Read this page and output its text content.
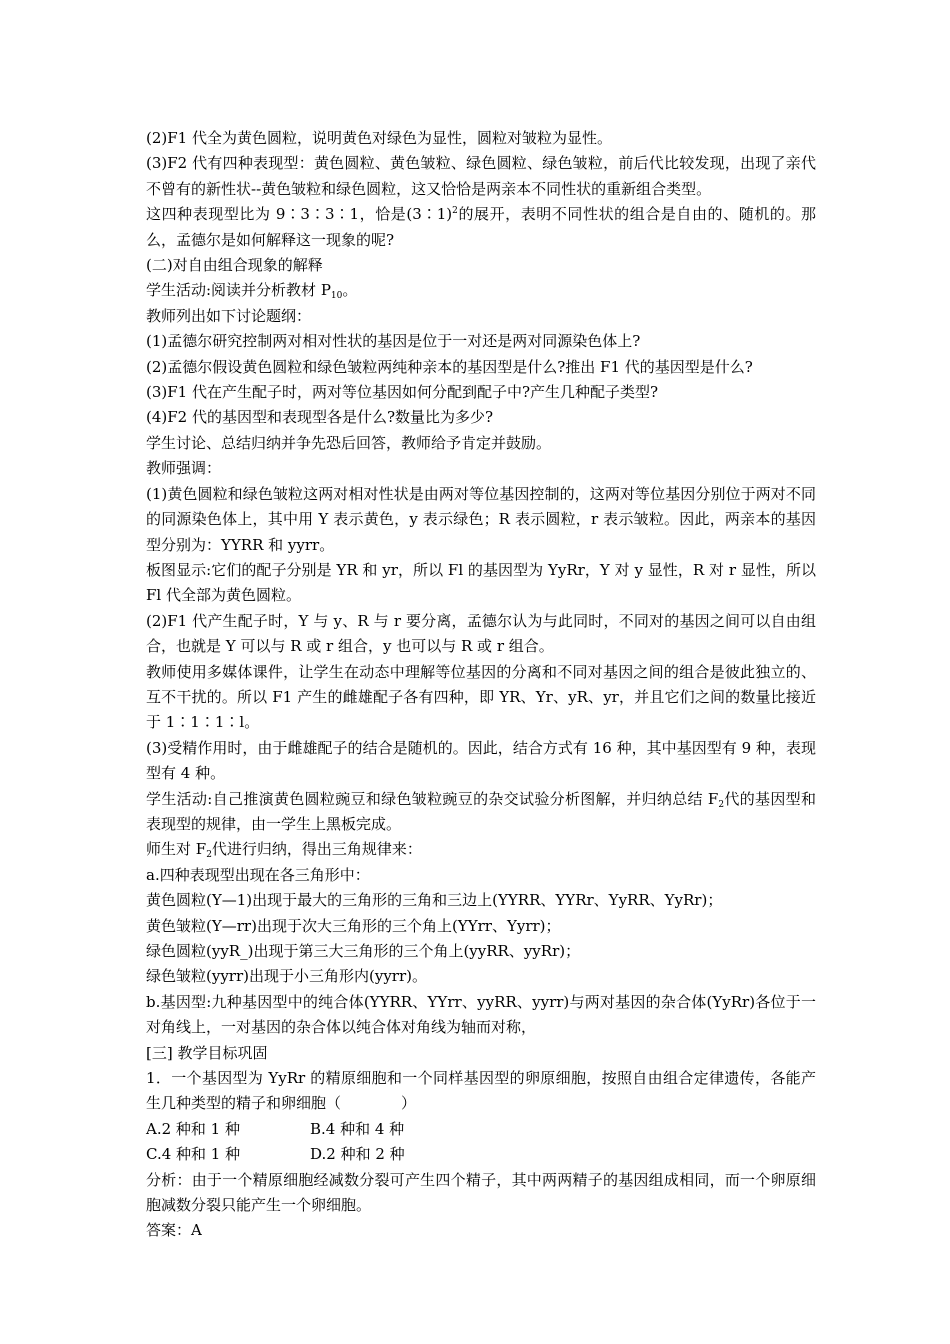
(2)F1 代全为黄色圆粒，说明黄色对绿色为显性，圆粒对皱粒为显性。

(3)F2 代有四种表现型：黄色圆粒、黄色皱粒、绿色圆粒、绿色皱粒，前后代比较发现，出现了亲代不曾有的新性状--黄色皱粒和绿色圆粒，这又恰恰是两亲本不同性状的重新组合类型。

这四种表现型比为 9∶3∶3∶1，恰是(3∶1)$^2$的展开，表明不同性状的组合是自由的、随机的。那么，孟德尔是如何解释这一现象的呢?

(二)对自由组合现象的解释

学生活动:阅读并分析教材 $P_{10}$。

教师列出如下讨论题纲：

(1)孟德尔研究控制两对相对性状的基因是位于一对还是两对同源染色体上?

(2)孟德尔假设黄色圆粒和绿色皱粒两纯种亲本的基因型是什么?推出 F1 代的基因型是什么?

(3)F1 代在产生配子时，两对等位基因如何分配到配子中?产生几种配子类型?

(4)F2 代的基因型和表现型各是什么?数量比为多少?

学生讨论、总结归纳并争先恐后回答，教师给予肯定并鼓励。

教师强调：

(1)黄色圆粒和绿色皱粒这两对相对性状是由两对等位基因控制的，这两对等位基因分别位于两对不同的同源染色体上，其中用 Y 表示黄色，y 表示绿色；R 表示圆粒，r 表示皱粒。因此，两亲本的基因型分别为：YYRR 和 yyrr。

板图显示:它们的配子分别是 YR 和 yr，所以 Fl 的基因型为 YyRr，Y 对 y 显性，R 对 r 显性，所以 Fl 代全部为黄色圆粒。

(2)F1 代产生配子时，Y 与 y、R 与 r 要分离，孟德尔认为与此同时，不同对的基因之间可以自由组合，也就是 Y 可以与 R 或 r 组合，y 也可以与 R 或 r 组合。

教师使用多媒体课件，让学生在动态中理解等位基因的分离和不同对基因之间的组合是彼此独立的、互不干扰的。所以 F1 产生的雌雄配子各有四种，即 YR、Yr、yR、yr，并且它们之间的数量比接近于 1∶1∶1∶l。

(3)受精作用时，由于雌雄配子的结合是随机的。因此，结合方式有 16 种，其中基因型有 9 种，表现型有 4 种。

学生活动:自己推演黄色圆粒豌豆和绿色皱粒豌豆的杂交试验分析图解，并归纳总结 $F_2$代的基因型和表现型的规律，由一学生上黑板完成。

师生对 $F_2$代进行归纳，得出三角规律来：

a.四种表现型出现在各三角形中：

黄色圆粒(Y—1)出现于最大的三角形的三角和三边上(YYRR、YYRr、YyRR、YyRr)；

黄色皱粒(Y—rr)出现于次大三角形的三个角上(YYrr、Yyrr)；

绿色圆粒(yyR_)出现于第三大三角形的三个角上(yyRR、yyRr)；

绿色皱粒(yyrr)出现于小三角形内(yyrr)。

b.基因型:九种基因型中的纯合体(YYRR、YYrr、yyRR、yyrr)与两对基因的杂合体(YyRr)各位于一对角线上，一对基因的杂合体以纯合体对角线为轴而对称，

[三] 教学目标巩固

1．一个基因型为 YyRr 的精原细胞和一个同样基因型的卵原细胞，按照自由组合定律遗传，各能产生几种类型的精子和卵细胞（　　　　）

A.2 种和 1 种	B.4 种和 4 种
C.4 种和 1 种	D.2 种和 2 种

分析：由于一个精原细胞经减数分裂可产生四个精子，其中两两精子的基因组成相同，而一个卵原细胞减数分裂只能产生一个卵细胞。

答案：A
